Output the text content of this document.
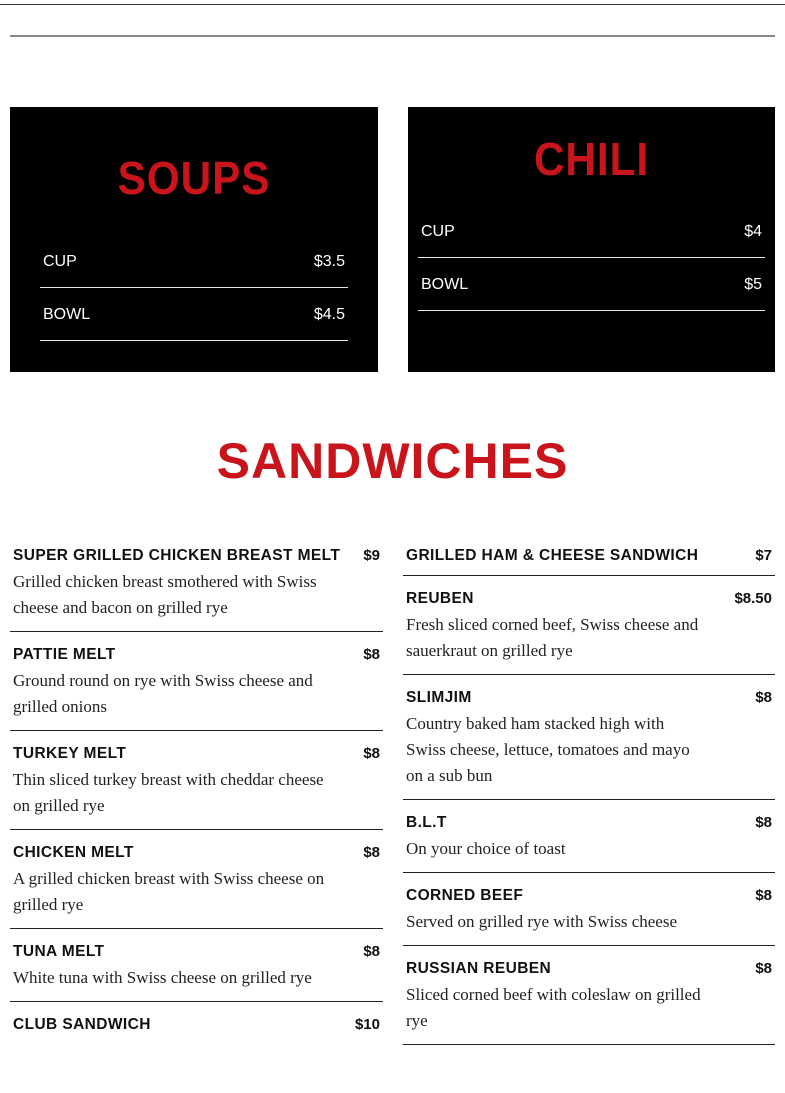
SOUPS
CUP	$3.5
BOWL	$4.5
CHILI
CUP	$4
BOWL	$5
SANDWICHES
SUPER GRILLED CHICKEN BREAST MELT $9
Grilled chicken breast smothered with Swiss cheese and bacon on grilled rye
PATTIE MELT	$8
Ground round on rye with Swiss cheese and grilled onions
TURKEY MELT	$8
Thin sliced turkey breast with cheddar cheese on grilled rye
CHICKEN MELT	$8
A grilled chicken breast with Swiss cheese on grilled rye
TUNA MELT	$8
White tuna with Swiss cheese on grilled rye
CLUB SANDWICH	$10
GRILLED HAM & CHEESE SANDWICH	$7
REUBEN	$8.50
Fresh sliced corned beef, Swiss cheese and sauerkraut on grilled rye
SLIMJIM	$8
Country baked ham stacked high with Swiss cheese, lettuce, tomatoes and mayo on a sub bun
B.L.T	$8
On your choice of toast
CORNED BEEF	$8
Served on grilled rye with Swiss cheese
RUSSIAN REUBEN	$8
Sliced corned beef with coleslaw on grilled rye
